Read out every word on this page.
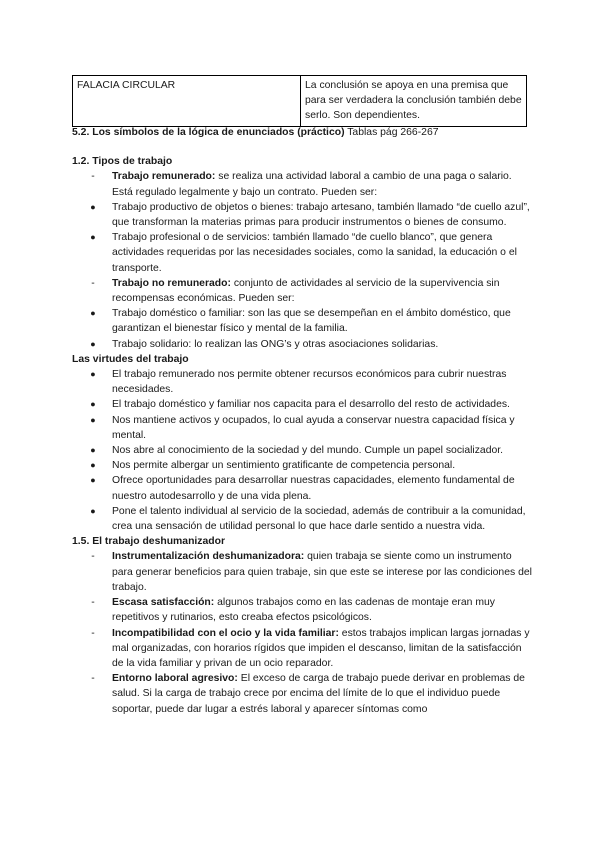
FALACIA CIRCULAR	La conclusión se apoya en una premisa que para ser verdadera la conclusión también debe serlo. Son dependientes.

5.2. Los símbolos de la lógica de enunciados (práctico) Tablas pág 266-267

1.2. Tipos de trabajo

-	Trabajo remunerado: se realiza una actividad laboral a cambio de una paga o salario. Está regulado legalmente y bajo un contrato. Pueden ser:

●	Trabajo productivo de objetos o bienes: trabajo artesano, también llamado “de cuello azul”, que transforman la materias primas para producir instrumentos o bienes de consumo.

●	Trabajo profesional o de servicios: también llamado “de cuello blanco”, que genera actividades requeridas por las necesidades sociales, como la sanidad, la educación o el transporte.

-	Trabajo no remunerado: conjunto de actividades al servicio de la supervivencia sin recompensas económicas. Pueden ser:

●	Trabajo doméstico o familiar: son las que se desempeñan en el ámbito doméstico, que garantizan el bienestar físico y mental de la familia.

●	Trabajo solidario: lo realizan las ONG’s y otras asociaciones solidarias.

Las virtudes del trabajo

●	El trabajo remunerado nos permite obtener recursos económicos para cubrir nuestras necesidades.

●	El trabajo doméstico y familiar nos capacita para el desarrollo del resto de actividades.

●	Nos mantiene activos y ocupados, lo cual ayuda a conservar nuestra capacidad física y mental.

●	Nos abre al conocimiento de la sociedad y del mundo. Cumple un papel socializador.

●	Nos permite albergar un sentimiento gratificante de competencia personal.

●	Ofrece oportunidades para desarrollar nuestras capacidades, elemento fundamental de nuestro autodesarrollo y de una vida plena.

●	Pone el talento individual al servicio de la sociedad, además de contribuir a la comunidad, crea una sensación de utilidad personal lo que hace darle sentido a nuestra vida.

1.5. El trabajo deshumanizador

-	Instrumentalización deshumanizadora: quien trabaja se siente como un instrumento para generar beneficios para quien trabaje, sin que este se interese por las condiciones del trabajo.

-	Escasa satisfacción: algunos trabajos como en las cadenas de montaje eran muy repetitivos y rutinarios, esto creaba efectos psicológicos.

-	Incompatibilidad con el ocio y la vida familiar: estos trabajos implican largas jornadas y mal organizadas, con horarios rígidos que impiden el descanso, limitan de la satisfacción de la vida familiar y privan de un ocio reparador.

-	Entorno laboral agresivo: El exceso de carga de trabajo puede derivar en problemas de salud. Si la carga de trabajo crece por encima del límite de lo que el individuo puede soportar, puede dar lugar a estrés laboral y aparecer síntomas como
